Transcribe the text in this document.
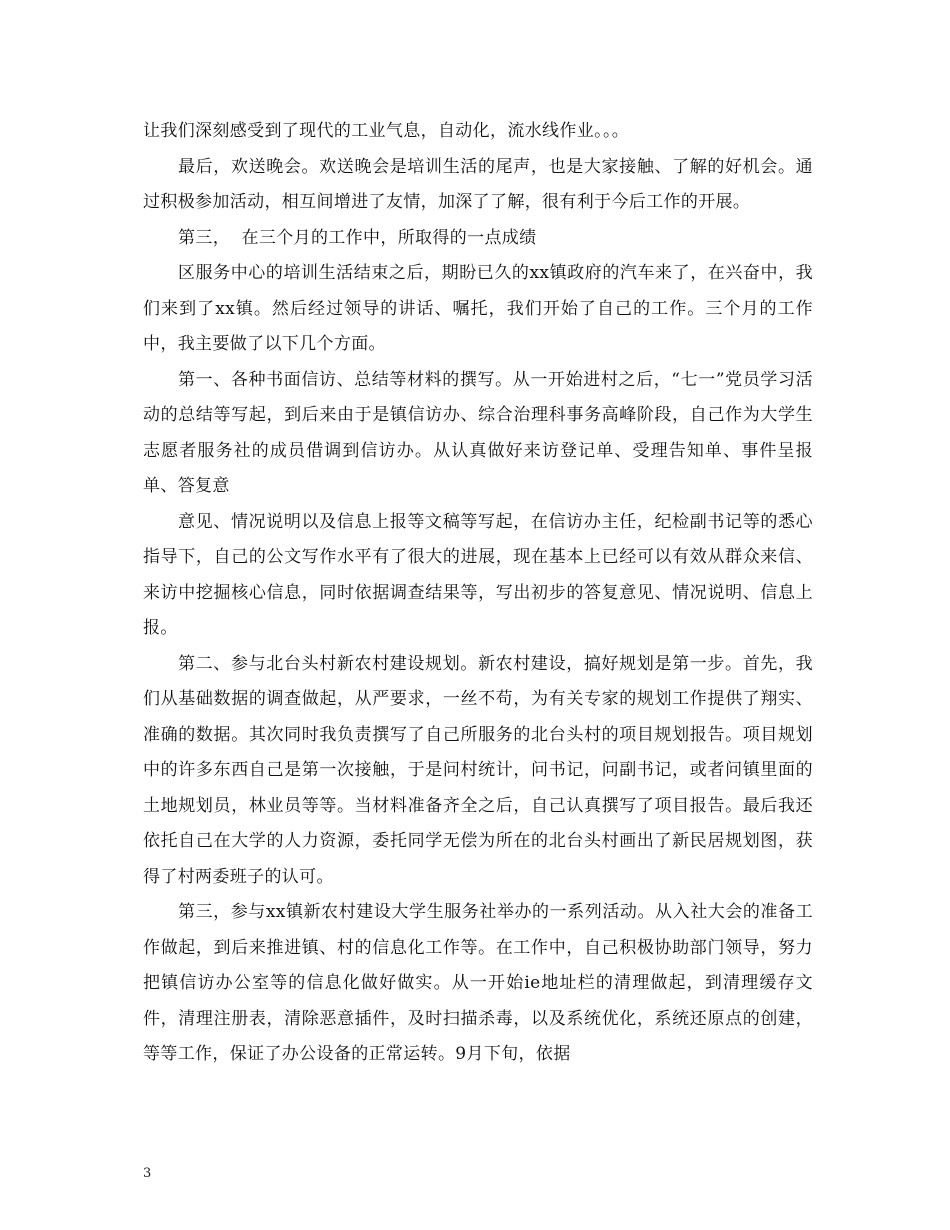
让我们深刻感受到了现代的工业气息，自动化，流水线作业。。。

最后，欢送晚会。欢送晚会是培训生活的尾声，也是大家接触、了解的好机会。通过积极参加活动，相互间增进了友情，加深了了解，很有利于今后工作的开展。

第三，  在三个月的工作中，所取得的一点成绩

区服务中心的培训生活结束之后，期盼已久的xx镇政府的汽车来了，在兴奋中，我们来到了xx镇。然后经过领导的讲话、嘱托，我们开始了自己的工作。三个月的工作中，我主要做了以下几个方面。

第一、各种书面信访、总结等材料的撰写。从一开始进村之后，“七一”党员学习活动的总结等写起，到后来由于是镇信访办、综合治理科事务高峰阶段，自己作为大学生志愿者服务社的成员借调到信访办。从认真做好来访登记单、受理告知单、事件呈报单、答复意

意见、情况说明以及信息上报等文稿等写起，在信访办主任，纪检副书记等的悉心指导下，自己的公文写作水平有了很大的进展，现在基本上已经可以有效从群众来信、来访中挖掘核心信息，同时依据调查结果等，写出初步的答复意见、情况说明、信息上报。

第二、参与北台头村新农村建设规划。新农村建设，搞好规划是第一步。首先，我们从基础数据的调查做起，从严要求，一丝不苟，为有关专家的规划工作提供了翔实、准确的数据。其次同时我负责撰写了自己所服务的北台头村的项目规划报告。项目规划中的许多东西自己是第一次接触，于是问村统计，问书记，问副书记，或者问镇里面的土地规划员，林业员等等。当材料准备齐全之后，自己认真撰写了项目报告。最后我还依托自己在大学的人力资源，委托同学无偿为所在的北台头村画出了新民居规划图，获得了村两委班子的认可。

第三，参与xx镇新农村建设大学生服务社举办的一系列活动。从入社大会的准备工作做起，到后来推进镇、村的信息化工作等。在工作中，自己积极协助部门领导，努力把镇信访办公室等的信息化做好做实。从一开始ie地址栏的清理做起，到清理缓存文件，清理注册表，清除恶意插件，及时扫描杀毒，以及系统优化，系统还原点的创建，等等工作，保证了办公设备的正常运转。9月下旬，依据

3
